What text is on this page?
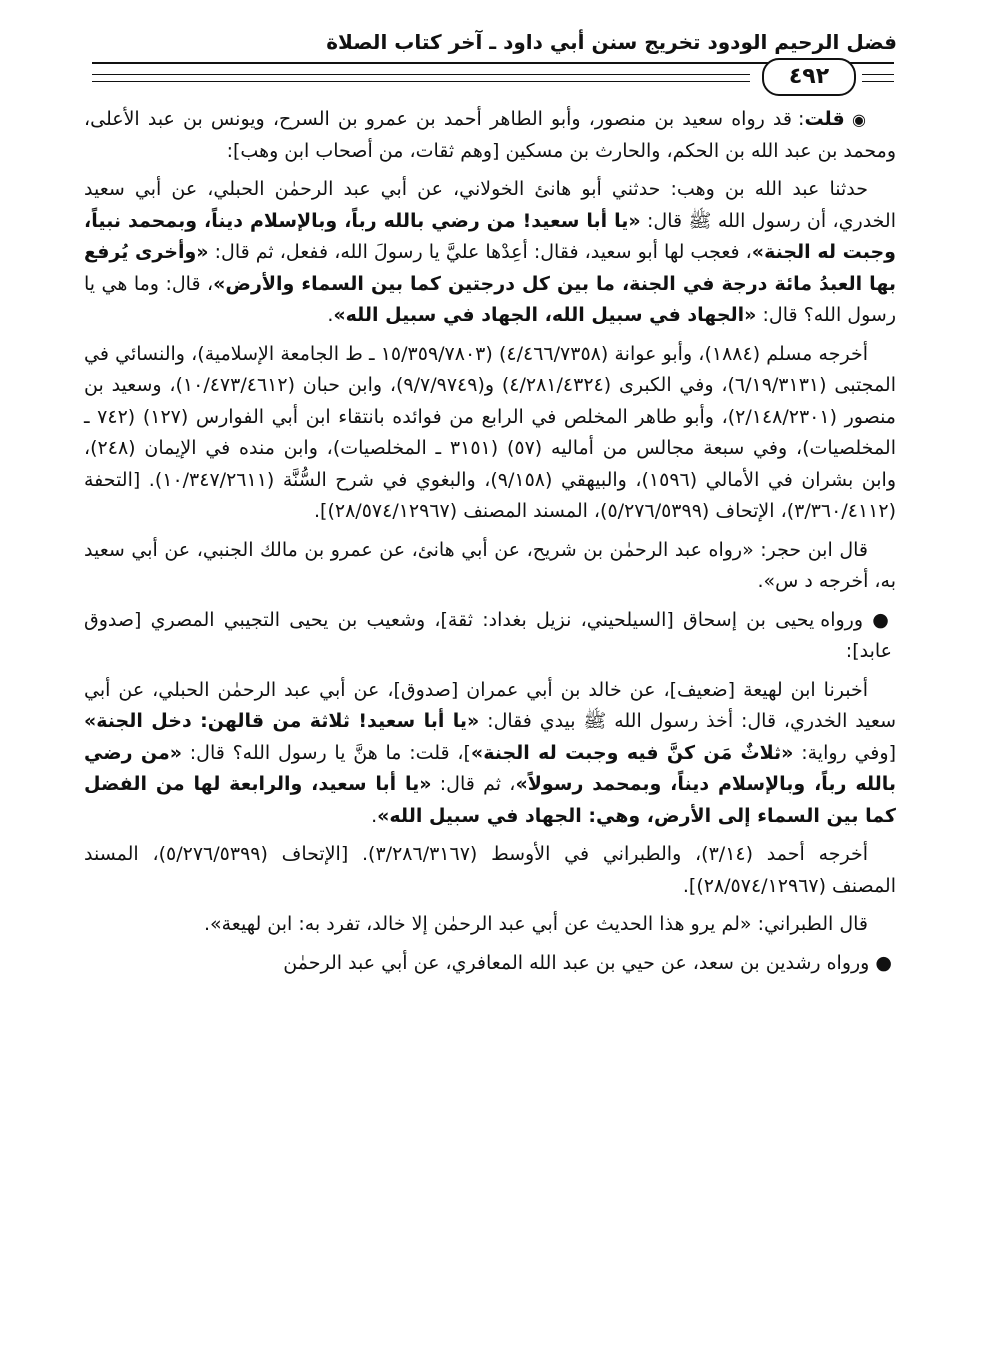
فضل الرحيم الودود تخريج سنن أبي داود ـ آخر كتاب الصلاة
٤٩٢

◉ قلت: قد رواه سعيد بن منصور، وأبو الطاهر أحمد بن عمرو بن السرح، ويونس بن عبد الأعلى، ومحمد بن عبد الله بن الحكم، والحارث بن مسكين [وهم ثقات، من أصحاب ابن وهب]:

حدثنا عبد الله بن وهب: حدثني أبو هانئ الخولاني، عن أبي عبد الرحمٰن الحبلي، عن أبي سعيد الخدري، أن رسول الله ﷺ قال: «يا أبا سعيد! من رضي بالله رباً، وبالإسلام ديناً، وبمحمد نبياً، وجبت له الجنة»، فعجب لها أبو سعيد، فقال: أعِدْها عليَّ يا رسولَ الله، ففعل، ثم قال: «وأخرى يُرفع بها العبدُ مائة درجة في الجنة، ما بين كل درجتين كما بين السماء والأرض»، قال: وما هي يا رسول الله؟ قال: «الجهاد في سبيل الله، الجهاد في سبيل الله».

أخرجه مسلم (١٨٨٤)، وأبو عوانة (٤/٤٦٦/٧٣٥٨) (١٥/٣٥٩/٧٨٠٣ ـ ط الجامعة الإسلامية)، والنسائي في المجتبى (٦/١٩/٣١٣١)، وفي الكبرى (٤/٢٨١/٤٣٢٤) و(٩/٧/٩٧٤٩)، وابن حبان (١٠/٤٧٣/٤٦١٢)، وسعيد بن منصور (٢/١٤٨/٢٣٠١)، وأبو طاهر المخلص في الرابع من فوائده بانتقاء ابن أبي الفوارس (١٢٧) (٧٤٢ ـ المخلصيات)، وفي سبعة مجالس من أماليه (٥٧) (٣١٥١ ـ المخلصيات)، وابن منده في الإيمان (٢٤٨)، وابن بشران في الأمالي (١٥٩٦)، والبيهقي (٩/١٥٨)، والبغوي في شرح السُّنَّة (١٠/٣٤٧/٢٦١١). [التحفة (٣/٣٦٠/٤١١٢)، الإتحاف (٥/٢٧٦/٥٣٩٩)، المسند المصنف (٢٨/٥٧٤/١٢٩٦٧)].

قال ابن حجر: «رواه عبد الرحمٰن بن شريح، عن أبي هانئ، عن عمرو بن مالك الجنبي، عن أبي سعيد به، أخرجه د س».

● ورواه يحيى بن إسحاق [السيلحيني، نزيل بغداد: ثقة]، وشعيب بن يحيى التجيبي المصري [صدوق عابد]:

أخبرنا ابن لهيعة [ضعيف]، عن خالد بن أبي عمران [صدوق]، عن أبي عبد الرحمٰن الحبلي، عن أبي سعيد الخدري، قال: أخذ رسول الله ﷺ بيدي فقال: «يا أبا سعيد! ثلاثة من قالهن: دخل الجنة» [وفي رواية: «ثلاثٌ مَن كنَّ فيه وجبت له الجنة»]، قلت: ما هنَّ يا رسول الله؟ قال: «من رضي بالله رباً، وبالإسلام ديناً، وبمحمد رسولاً»، ثم قال: «يا أبا سعيد، والرابعة لها من الفضل كما بين السماء إلى الأرض، وهي: الجهاد في سبيل الله».

أخرجه أحمد (٣/١٤)، والطبراني في الأوسط (٣/٢٨٦/٣١٦٧). [الإتحاف (٥/٢٧٦/٥٣٩٩)، المسند المصنف (٢٨/٥٧٤/١٢٩٦٧)].

قال الطبراني: «لم يرو هذا الحديث عن أبي عبد الرحمٰن إلا خالد، تفرد به: ابن لهيعة».

● ورواه رشدين بن سعد، عن حيي بن عبد الله المعافري، عن أبي عبد الرحمٰن
